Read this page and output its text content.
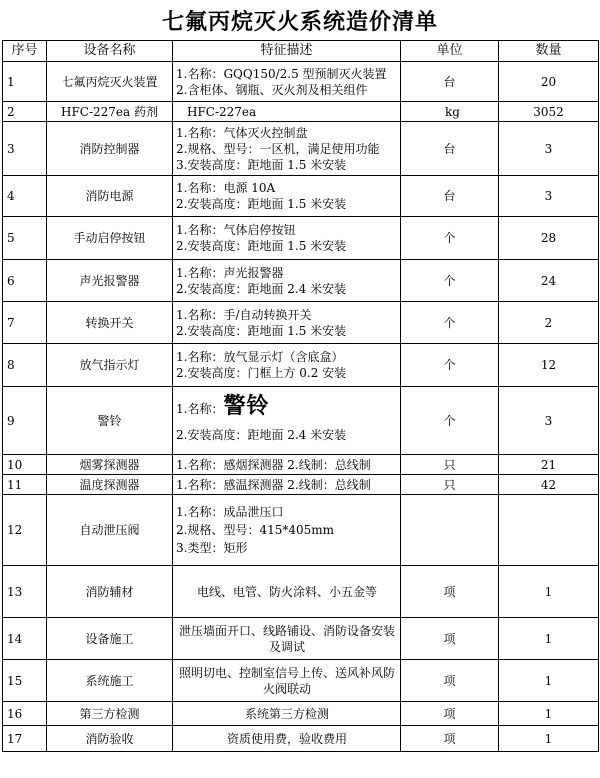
七氟丙烷灭火系统造价清单
序号	设备名称	特征描述	单位	数量
1	七氟丙烷灭火装置	1.名称：GQQ150/2.5 型预制灭火装置
2.含柜体、钢瓶、灭火剂及相关组件	台	20
2	HFC-227ea 药剂	HFC-227ea	kg	3052
3	消防控制器	1.名称：气体灭火控制盘
2.规格、型号：一区机，满足使用功能
3.安装高度：距地面 1.5 米安装	台	3
4	消防电源	1.名称：电源 10A
2.安装高度：距地面 1.5 米安装	台	3
5	手动启停按钮	1.名称：气体启停按钮
2.安装高度：距地面 1.5 米安装	个	28
6	声光报警器	1.名称：声光报警器
2.安装高度：距地面 2.4 米安装	个	24
7	转换开关	1.名称：手/自动转换开关
2.安装高度：距地面 1.5 米安装	个	2
8	放气指示灯	1.名称：放气显示灯（含底盒）
2.安装高度：门框上方 0.2 安装	个	12
9	警铃	1.名称：警铃
2.安装高度：距地面 2.4 米安装	个	3
10	烟雾探测器	1.名称：感烟探测器 2.线制：总线制	只	21
11	温度探测器	1.名称：感温探测器 2.线制：总线制	只	42
12	自动泄压阀	1.名称：成品泄压口
2.规格、型号：415*405mm
3.类型：矩形		

13	消防辅材	电线、电管、防火涂料、小五金等	项	1
14	设备施工	泄压墙面开口、线路铺设、消防设备安装及调试	项	1
15	系统施工	照明切电、控制室信号上传、送风补风防火阀联动	项	1
16	第三方检测	系统第三方检测	项	1
17	消防验收	资质使用费，验收费用	项	1
